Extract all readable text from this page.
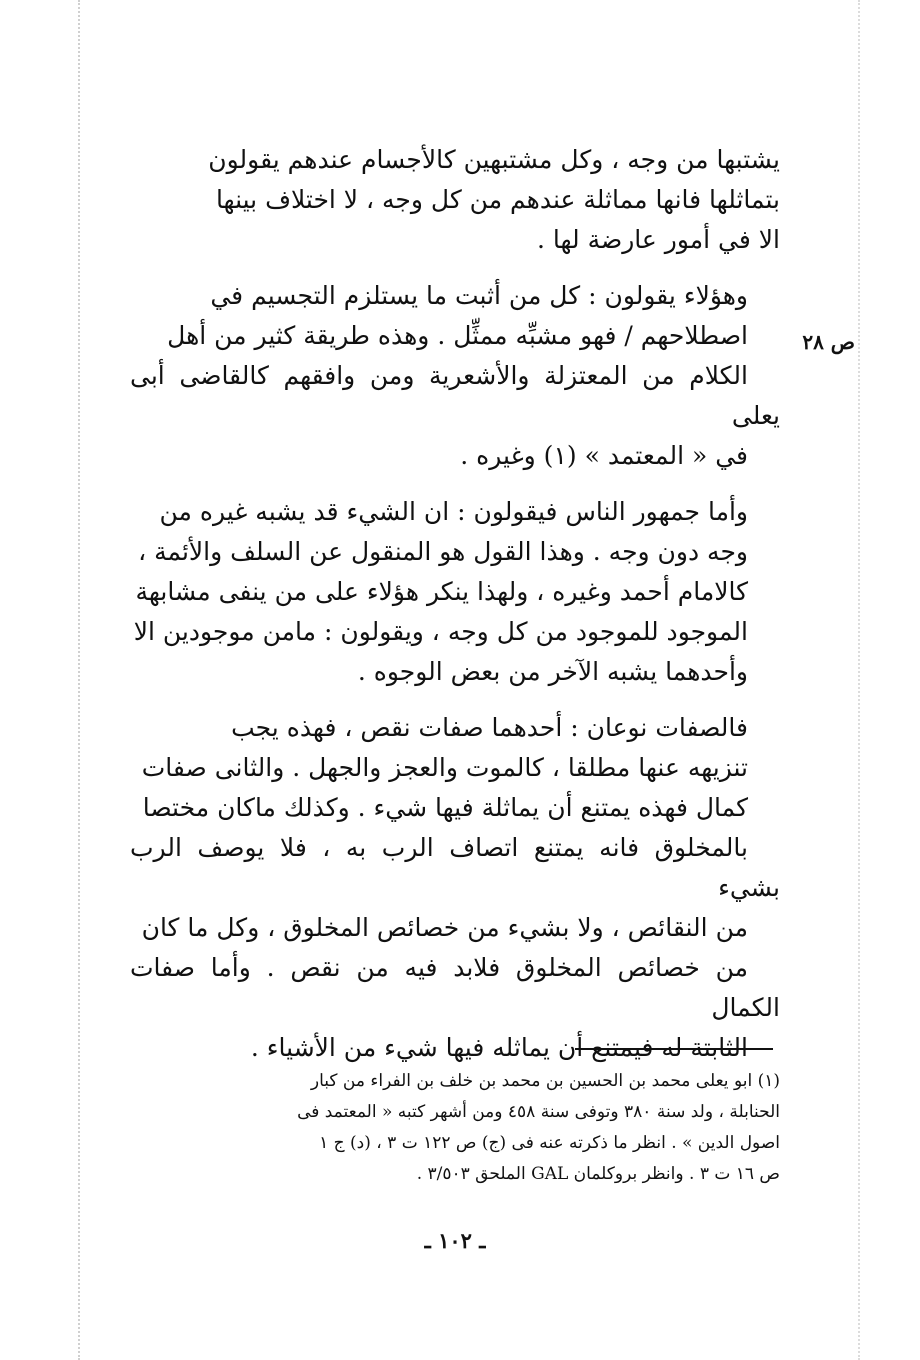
ص ٢٨

يشتبها من وجه ، وكل مشتبهين كالأجسام عندهم يقولون
بتماثلها فانها مماثلة عندهم من كل وجه ، لا اختلاف بينها
الا في أمور عارضة لها .

وهؤلاء يقولون : كل من أثبت ما يستلزم التجسيم في
اصطلاحهم / فهو مشبِّه ممثِّل . وهذه طريقة كثير من أهل
الكلام من المعتزلة والأشعرية ومن وافقهم كالقاضى أبى يعلى
في « المعتمد » (١) وغيره .

وأما جمهور الناس فيقولون : ان الشيء قد يشبه غيره من
وجه دون وجه . وهذا القول هو المنقول عن السلف والأئمة ،
كالامام أحمد وغيره ، ولهذا ينكر هؤلاء على من ينفى مشابهة
الموجود للموجود من كل وجه ، ويقولون : مامن موجودين الا
وأحدهما يشبه الآخر من بعض الوجوه .

فالصفات نوعان : أحدهما صفات نقص ، فهذه يجب
تنزيهه عنها مطلقا ، كالموت والعجز والجهل . والثانى صفات
كمال فهذه يمتنع أن يماثلة فيها شيء . وكذلك ماكان مختصا
بالمخلوق فانه يمتنع اتصاف الرب به ، فلا يوصف الرب بشيء
من النقائص ، ولا بشيء من خصائص المخلوق ، وكل ما كان
من خصائص المخلوق فلابد فيه من نقص . وأما صفات الكمال
الثابتة له فيمتنع أن يماثله فيها شيء من الأشياء .

(١) ابو يعلى محمد بن الحسين بن محمد بن خلف بن الفراء من كبار
الحنابلة ، ولد سنة ٣٨٠ وتوفى سنة ٤٥٨ ومن أشهر كتبه « المعتمد فى
اصول الدين » . انظر ما ذكرته عنه فى (ج) ص ١٢٢ ت ٣ ، (د) ج ١
ص ١٦ ت ٣ . وانظر بروكلمان GAL الملحق ٣/٥٠٣ .
ـ ١٠٢ ـ
